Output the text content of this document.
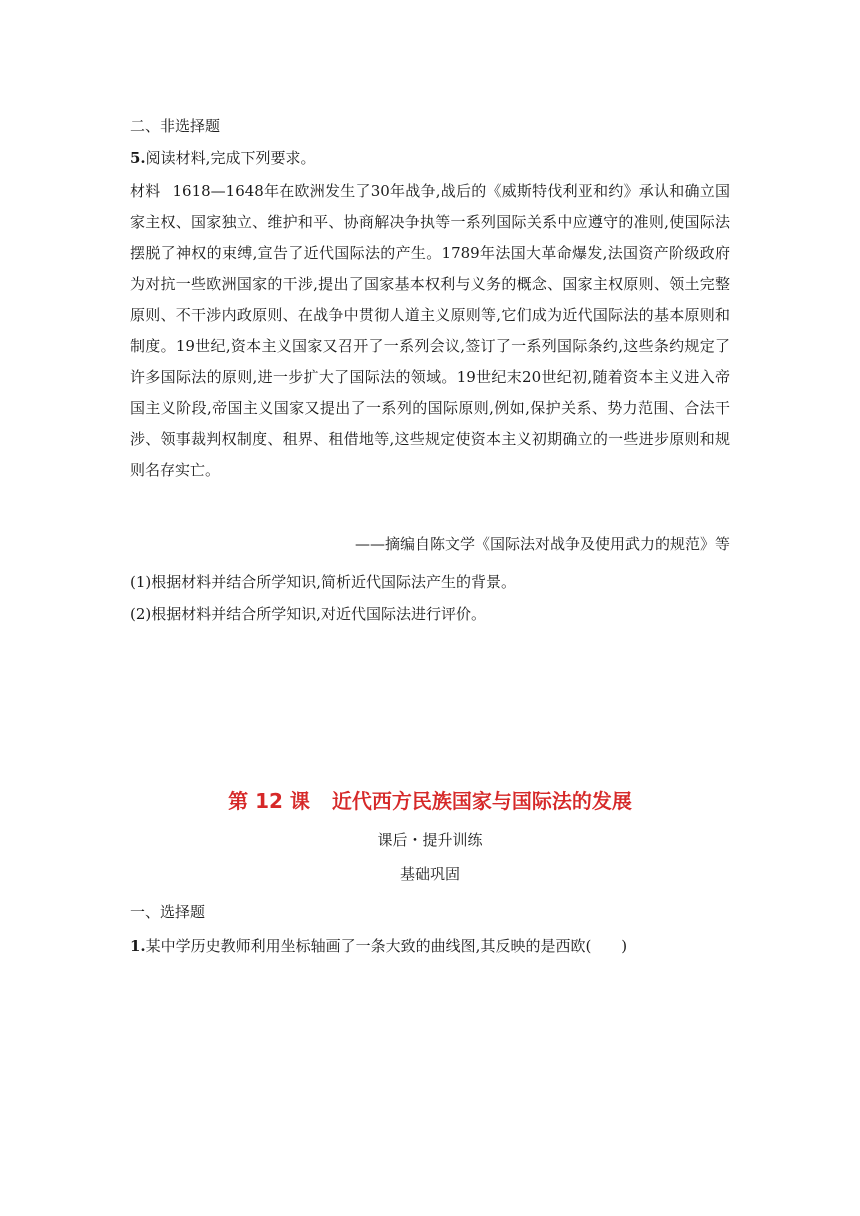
二、非选择题
5.阅读材料,完成下列要求。
材料 1618—1648年在欧洲发生了30年战争,战后的《威斯特伐利亚和约》承认和确立国家主权、国家独立、维护和平、协商解决争执等一系列国际关系中应遵守的准则,使国际法摆脱了神权的束缚,宣告了近代国际法的产生。1789年法国大革命爆发,法国资产阶级政府为对抗一些欧洲国家的干涉,提出了国家基本权利与义务的概念、国家主权原则、领土完整原则、不干涉内政原则、在战争中贯彻人道主义原则等,它们成为近代国际法的基本原则和制度。19世纪,资本主义国家又召开了一系列会议,签订了一系列国际条约,这些条约规定了许多国际法的原则,进一步扩大了国际法的领域。19世纪末20世纪初,随着资本主义进入帝国主义阶段,帝国主义国家又提出了一系列的国际原则,例如,保护关系、势力范围、合法干涉、领事裁判权制度、租界、租借地等,这些规定使资本主义初期确立的一些进步原则和规则名存实亡。
——摘编自陈文学《国际法对战争及使用武力的规范》等
(1)根据材料并结合所学知识,简析近代国际法产生的背景。
(2)根据材料并结合所学知识,对近代国际法进行评价。
第 12 课 近代西方民族国家与国际法的发展
课后・提升训练
基础巩固
一、选择题
1.某中学历史教师利用坐标轴画了一条大致的曲线图,其反映的是西欧(　　)
